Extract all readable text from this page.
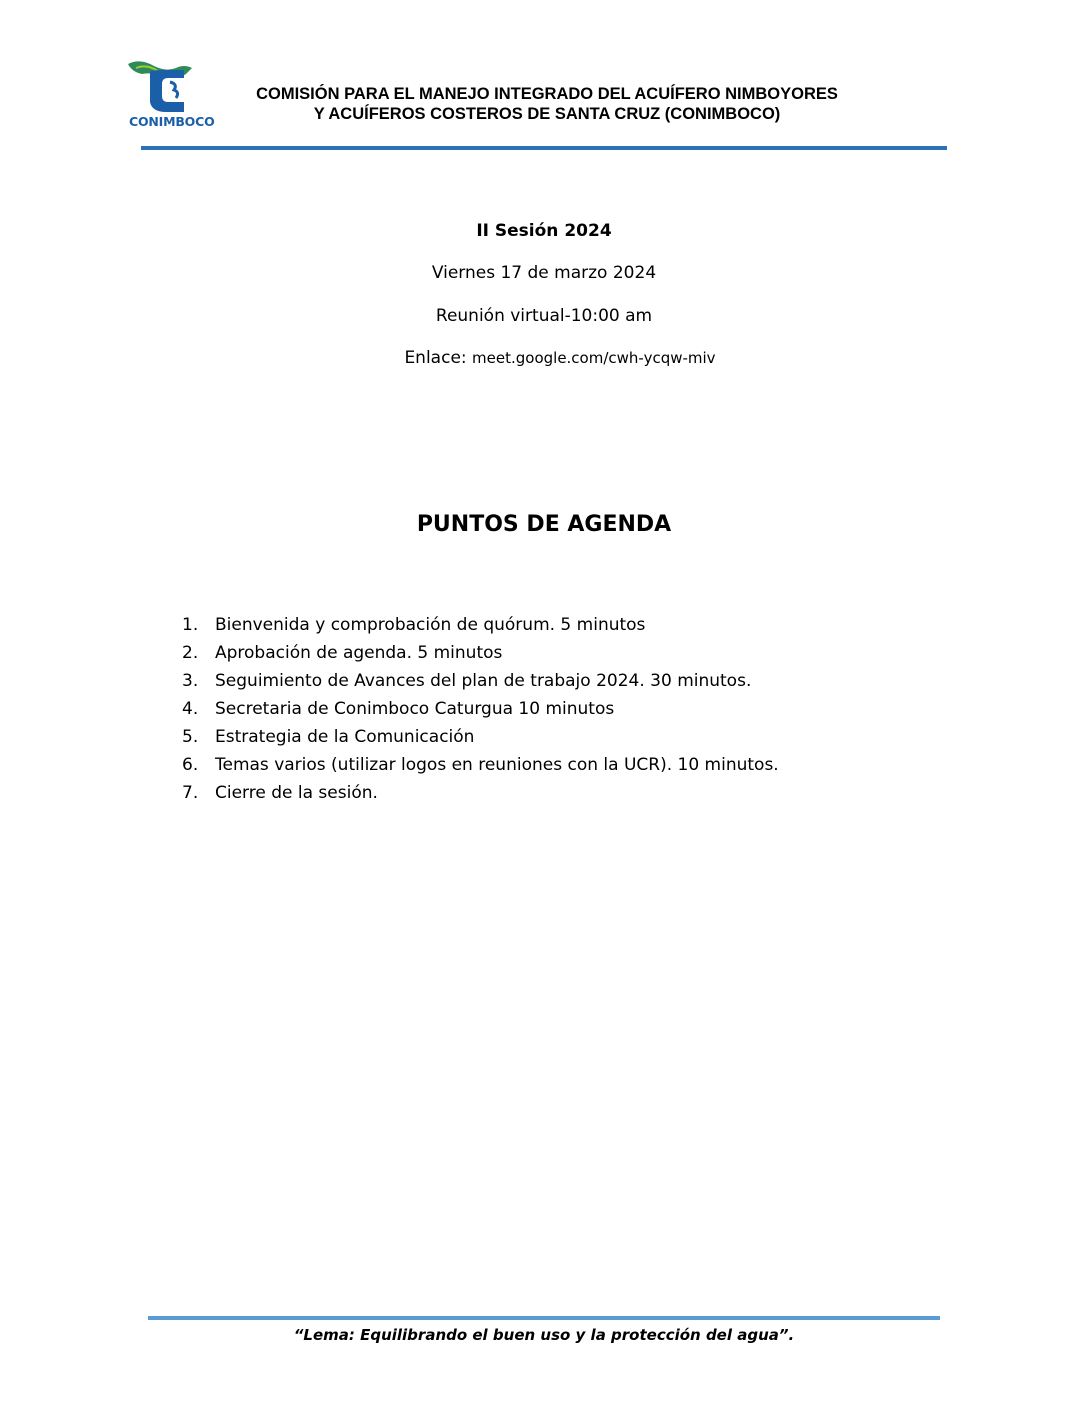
CONIMBOCO
COMISIÓN PARA EL MANEJO INTEGRADO DEL ACUÍFERO NIMBOYORES
Y ACUÍFEROS COSTEROS DE SANTA CRUZ (CONIMBOCO)
II Sesión 2024
Viernes 17 de marzo 2024
Reunión virtual-10:00 am
Enlace: meet.google.com/cwh-ycqw-miv
PUNTOS DE AGENDA
1. Bienvenida y comprobación de quórum. 5 minutos
2. Aprobación de agenda. 5 minutos
3. Seguimiento de Avances del plan de trabajo 2024. 30 minutos.
4. Secretaria de Conimboco Caturgua 10 minutos
5. Estrategia de la Comunicación
6. Temas varios (utilizar logos en reuniones con la UCR). 10 minutos.
7. Cierre de la sesión.
“Lema: Equilibrando el buen uso y la protección del agua”.
